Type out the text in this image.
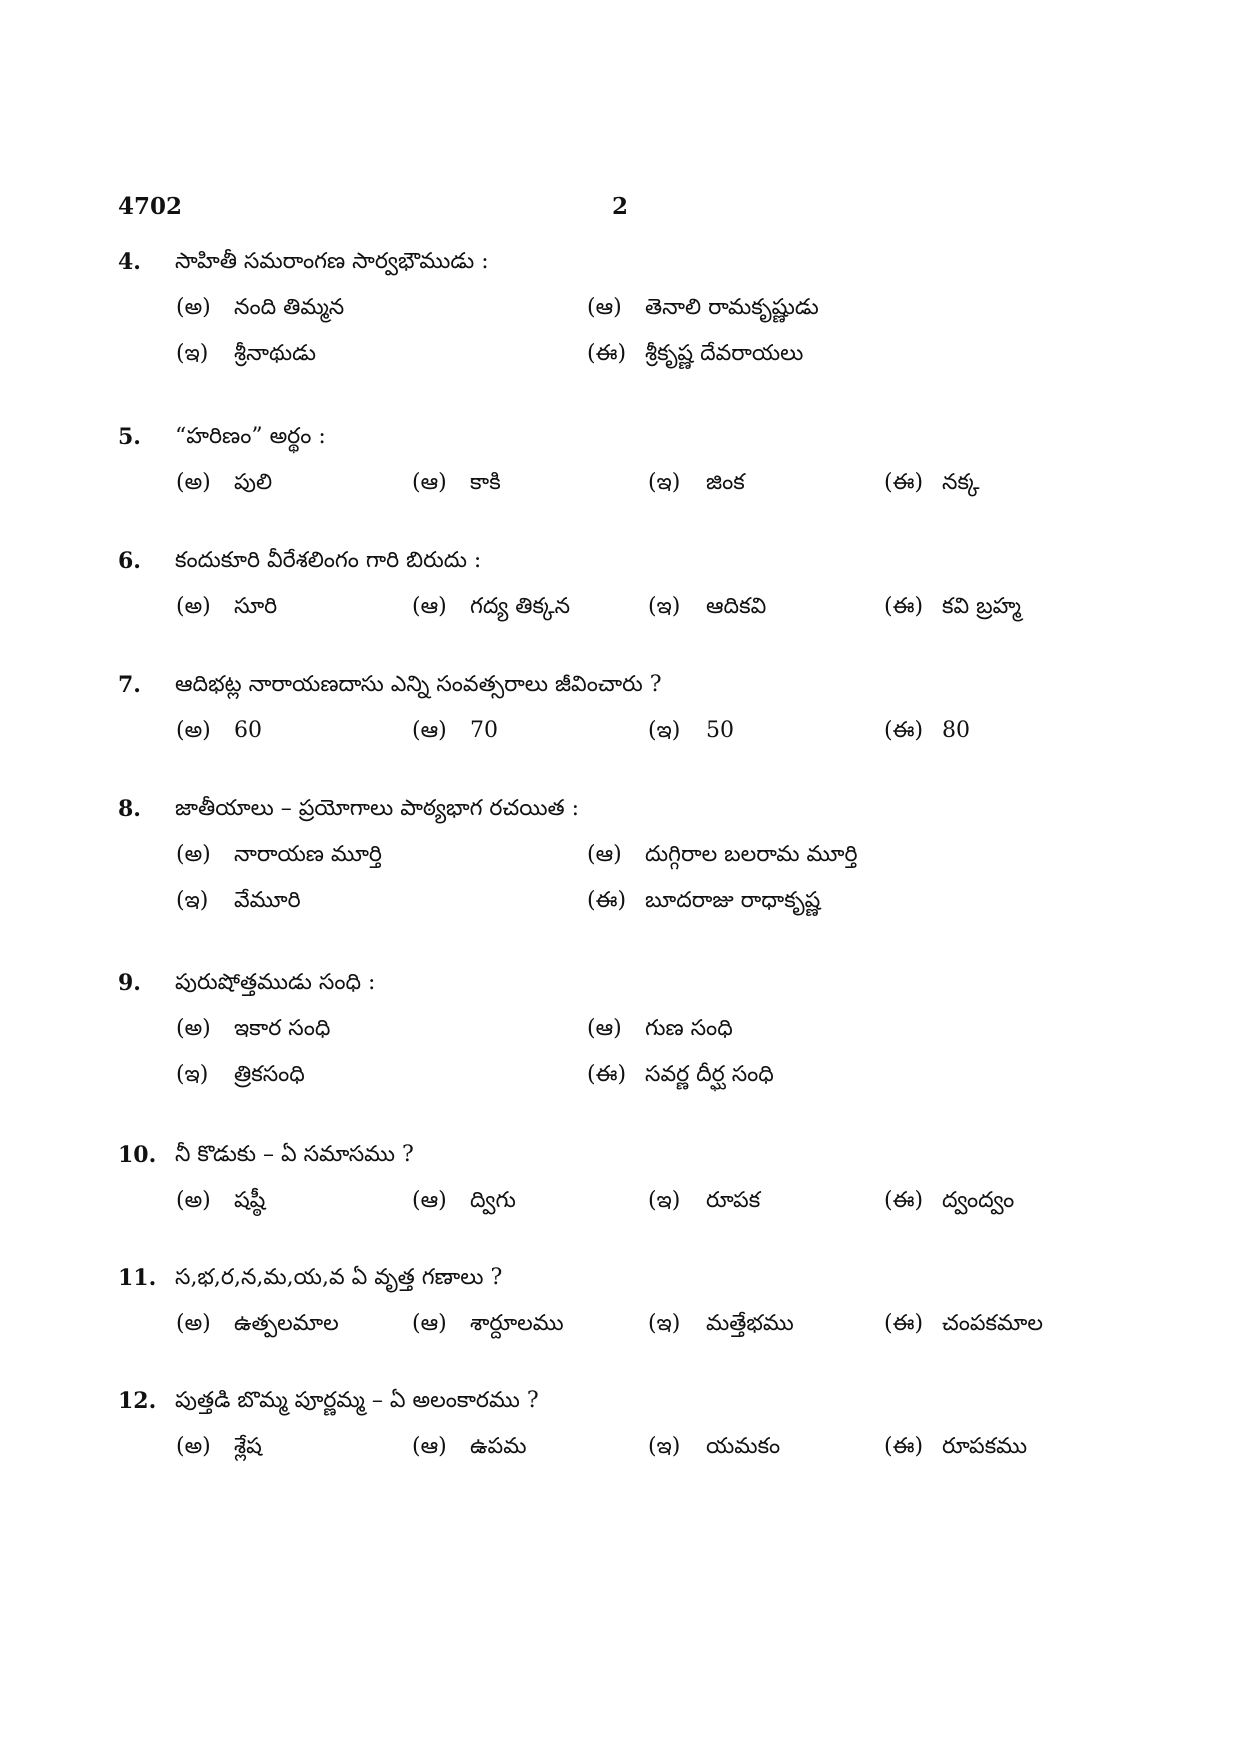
4702	2
4. సాహితీ సమరాంగణ సార్వభౌముడు :
(అ) నంది తిమ్మన	(ఆ) తెనాలి రామకృష్ణుడు
(ఇ) శ్రీనాథుడు	(ఈ) శ్రీకృష్ణ దేవరాయలు
5. “హరిణం” అర్థం :
(అ) పులి	(ఆ) కాకి	(ఇ) జింక	(ఈ) నక్క
6. కందుకూరి వీరేశలింగం గారి బిరుదు :
(అ) సూరి	(ఆ) గద్య తిక్కన	(ఇ) ఆదికవి	(ఈ) కవి బ్రహ్మ
7. ఆదిభట్ల నారాయణదాసు ఎన్ని సంవత్సరాలు జీవించారు ?
(అ) 60	(ఆ) 70	(ఇ) 50	(ఈ) 80
8. జాతీయాలు – ప్రయోగాలు పాఠ్యభాగ రచయిత :
(అ) నారాయణ మూర్తి	(ఆ) దుగ్గిరాల బలరామ మూర్తి
(ఇ) వేమూరి	(ఈ) బూదరాజు రాధాకృష్ణ
9. పురుషోత్తముడు సంధి :
(అ) ఇకార సంధి	(ఆ) గుణ సంధి
(ఇ) త్రికసంధి	(ఈ) సవర్ణ దీర్ఘ సంధి
10. నీ కొడుకు – ఏ సమాసము ?
(అ) షష్ఠీ	(ఆ) ద్విగు	(ఇ) రూపక	(ఈ) ద్వంద్వం
11. స,భ,ర,న,మ,య,వ ఏ వృత్త గణాలు ?
(అ) ఉత్పలమాల	(ఆ) శార్దూలము	(ఇ) మత్తేభము	(ఈ) చంపకమాల
12. పుత్తడి బొమ్మ పూర్ణమ్మ – ఏ అలంకారము ?
(అ) శ్లేష	(ఆ) ఉపమ	(ఇ) యమకం	(ఈ) రూపకము
